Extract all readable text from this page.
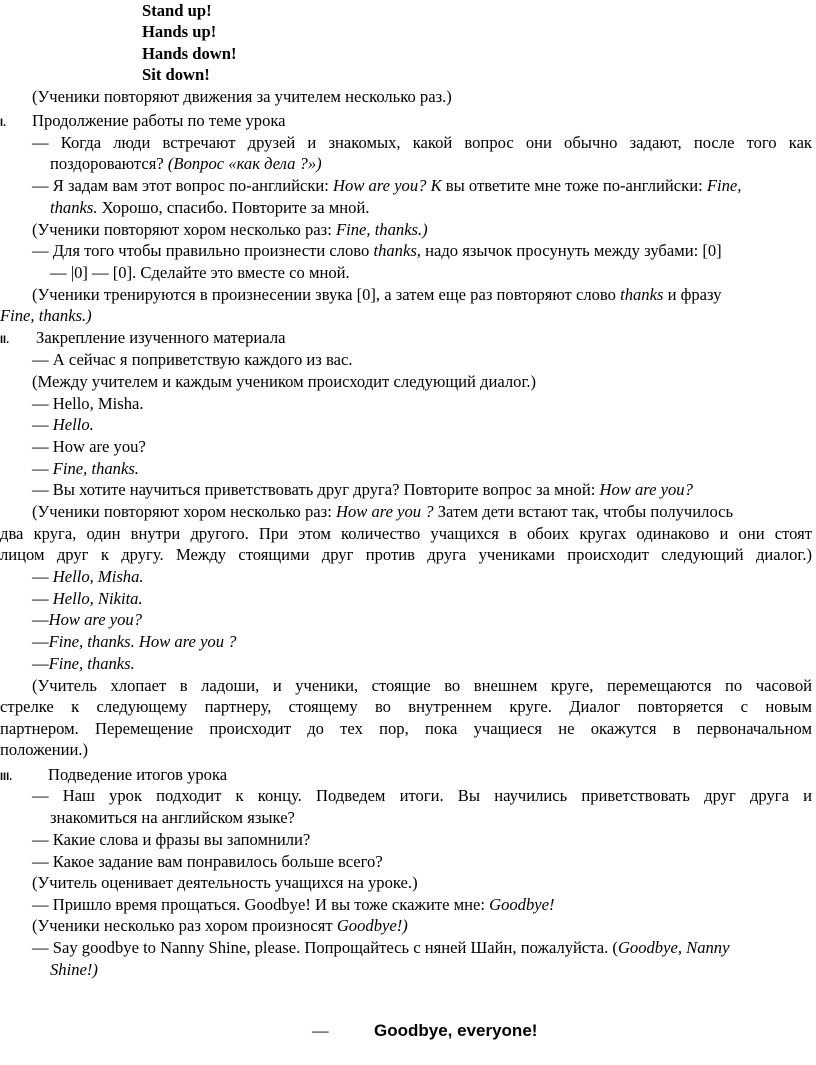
Stand up!
Hands up!
Hands down!
Sit down!
(Ученики повторяют движения за учителем несколько раз.)
I. Продолжение работы по теме урока
— Когда люди встречают друзей и знакомых, какой вопрос они обычно задают, после того как
поздороваются? (Вопрос «как дела ?»)
— Я задам вам этот вопрос по-английски: How are you? К вы ответите мне тоже по-английски: Fine,
thanks. Хорошо, спасибо. Повторите за мной.
(Ученики повторяют хором несколько раз: Fine, thanks.)
— Для того чтобы правильно произнести слово thanks, надо язычок просунуть между зубами: [0]
— |0] — [0]. Сделайте это вместе со мной.
(Ученики тренируются в произнесении звука [0], а затем еще раз повторяют слово thanks и фразу
Fine, thanks.)
II. Закрепление изученного материала
— А сейчас я поприветствую каждого из вас.
(Между учителем и каждым учеником происходит следующий диалог.)
— Hello, Misha.
— Hello.
— How are you?
— Fine, thanks.
— Вы хотите научиться приветствовать друг друга? Повторите вопрос за мной: How are you?
(Ученики повторяют хором несколько раз: How are you ? Затем дети встают так, чтобы получилось
два круга, один внутри другого. При этом количество учащихся в обоих кругах одинаково и они стоят
лицом друг к другу. Между стоящими друг против друга учениками происходит следующий диалог.)
— Hello, Misha.
— Hello, Nikita.
—How are you?
—Fine, thanks. How are you ?
—Fine, thanks.
(Учитель хлопает в ладоши, и ученики, стоящие во внешнем круге, перемещаются по часовой
стрелке к следующему партнеру, стоящему во внутреннем круге. Диалог повторяется с новым
партнером. Перемещение происходит до тех пор, пока учащиеся не окажутся в первоначальном
положении.)
III. Подведение итогов урока
— Наш урок подходит к концу. Подведем итоги. Вы научились приветствовать друг друга и
знакомиться на английском языке?
— Какие слова и фразы вы запомнили?
— Какое задание вам понравилось больше всего?
(Учитель оценивает деятельность учащихся на уроке.)
— Пришло время прощаться. Goodbye! И вы тоже скажите мне: Goodbye!
(Ученики несколько раз хором произносят Goodbye!)
— Say goodbye to Nanny Shine, please. Попрощайтесь с няней Шайн, пожалуйста. (Goodbye, Nanny
Shine!)
—	Goodbye, everyone!
